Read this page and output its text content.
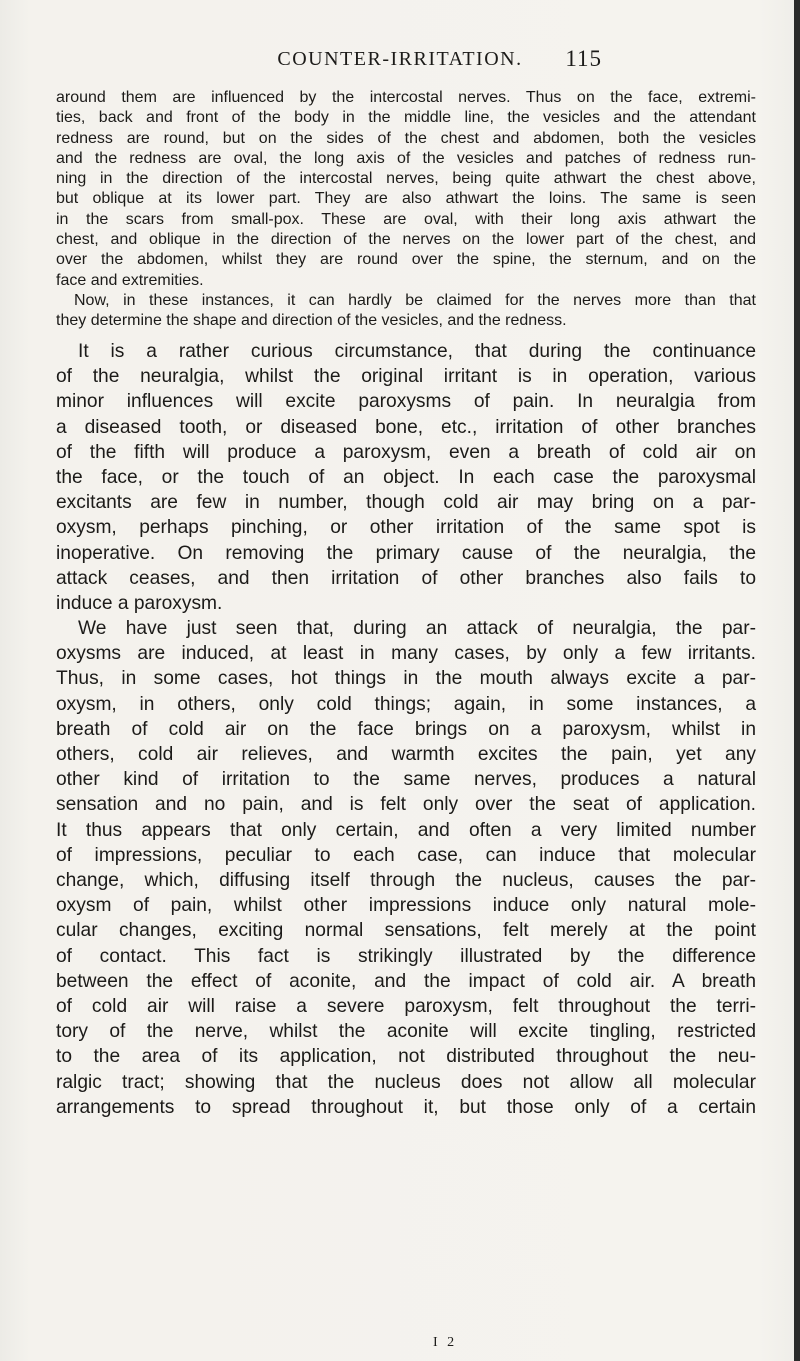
COUNTER-IRRITATION.	115
around them are influenced by the intercostal nerves. Thus on the face, extremi-
ties, back and front of the body in the middle line, the vesicles and the attendant
redness are round, but on the sides of the chest and abdomen, both the vesicles
and the redness are oval, the long axis of the vesicles and patches of redness run-
ning in the direction of the intercostal nerves, being quite athwart the chest above,
but oblique at its lower part. They are also athwart the loins. The same is seen
in the scars from small-pox. These are oval, with their long axis athwart the
chest, and oblique in the direction of the nerves on the lower part of the chest, and
over the abdomen, whilst they are round over the spine, the sternum, and on the
face and extremities.
Now, in these instances, it can hardly be claimed for the nerves more than that
they determine the shape and direction of the vesicles, and the redness.
It is a rather curious circumstance, that during the continuance
of the neuralgia, whilst the original irritant is in operation, various
minor influences will excite paroxysms of pain. In neuralgia from
a diseased tooth, or diseased bone, etc., irritation of other branches
of the fifth will produce a paroxysm, even a breath of cold air on
the face, or the touch of an object. In each case the paroxysmal
excitants are few in number, though cold air may bring on a par-
oxysm, perhaps pinching, or other irritation of the same spot is
inoperative. On removing the primary cause of the neuralgia, the
attack ceases, and then irritation of other branches also fails to
induce a paroxysm.
We have just seen that, during an attack of neuralgia, the par-
oxysms are induced, at least in many cases, by only a few irritants.
Thus, in some cases, hot things in the mouth always excite a par-
oxysm, in others, only cold things; again, in some instances, a
breath of cold air on the face brings on a paroxysm, whilst in
others, cold air relieves, and warmth excites the pain, yet any
other kind of irritation to the same nerves, produces a natural
sensation and no pain, and is felt only over the seat of application.
It thus appears that only certain, and often a very limited number
of impressions, peculiar to each case, can induce that molecular
change, which, diffusing itself through the nucleus, causes the par-
oxysm of pain, whilst other impressions induce only natural mole-
cular changes, exciting normal sensations, felt merely at the point
of contact. This fact is strikingly illustrated by the difference
between the effect of aconite, and the impact of cold air. A breath
of cold air will raise a severe paroxysm, felt throughout the terri-
tory of the nerve, whilst the aconite will excite tingling, restricted
to the area of its application, not distributed throughout the neu-
ralgic tract; showing that the nucleus does not allow all molecular
arrangements to spread throughout it, but those only of a certain
I 2
